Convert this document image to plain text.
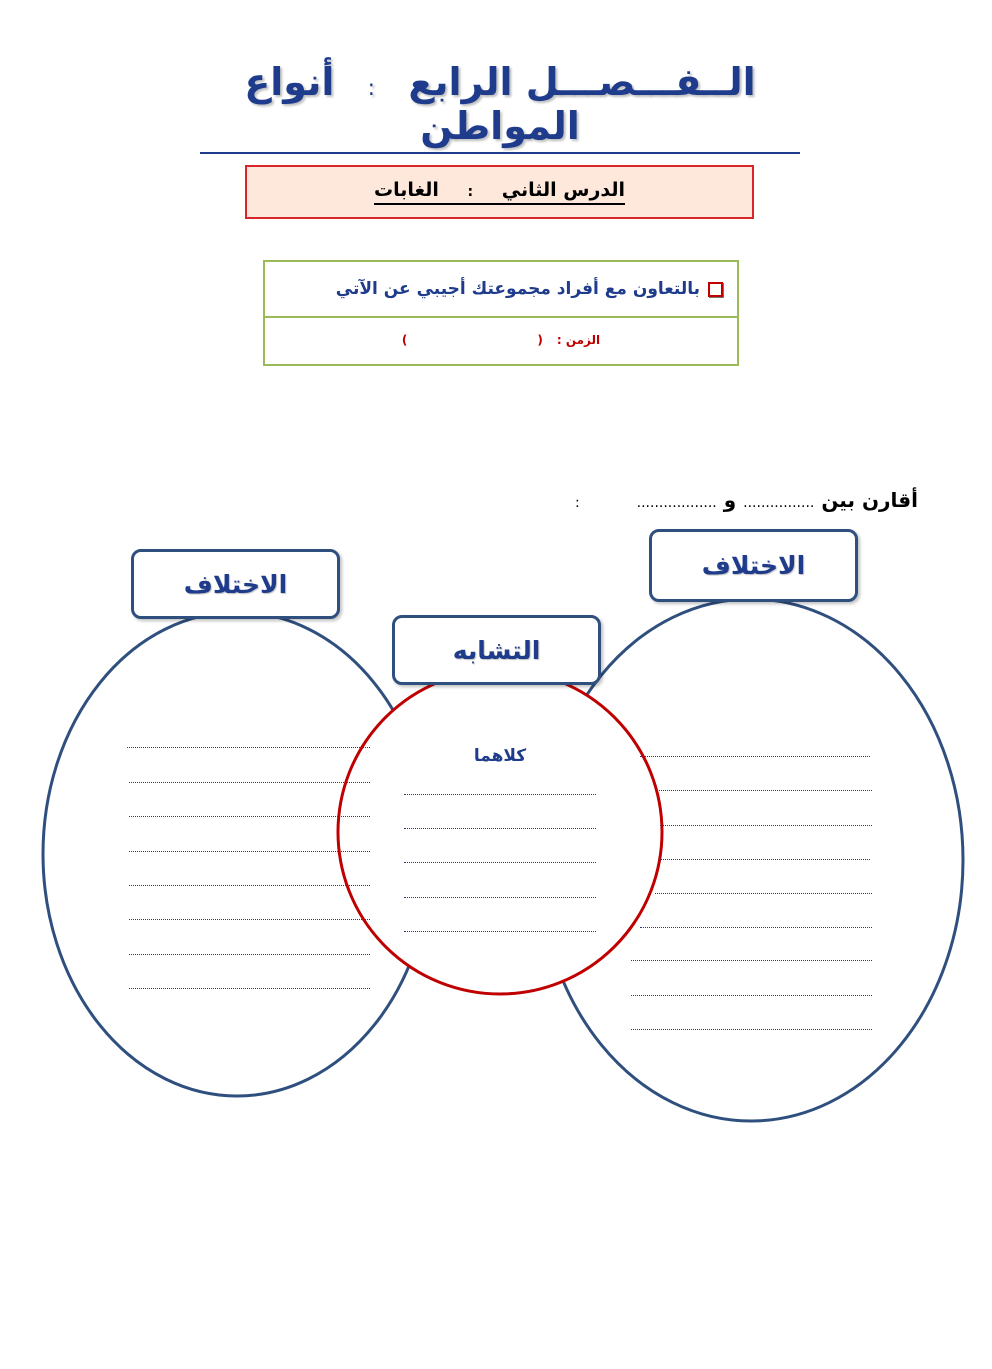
الــفـــصـــل الرابع : أنواع المواطن
الدرس الثاني : الغابات
بالتعاون مع أفراد مجموعتك أجيبي عن الآتي
الزمن :
(
)
أقارن بين ................ و .................. :
الاختلاف
الاختلاف
التشابه
كلاهما
